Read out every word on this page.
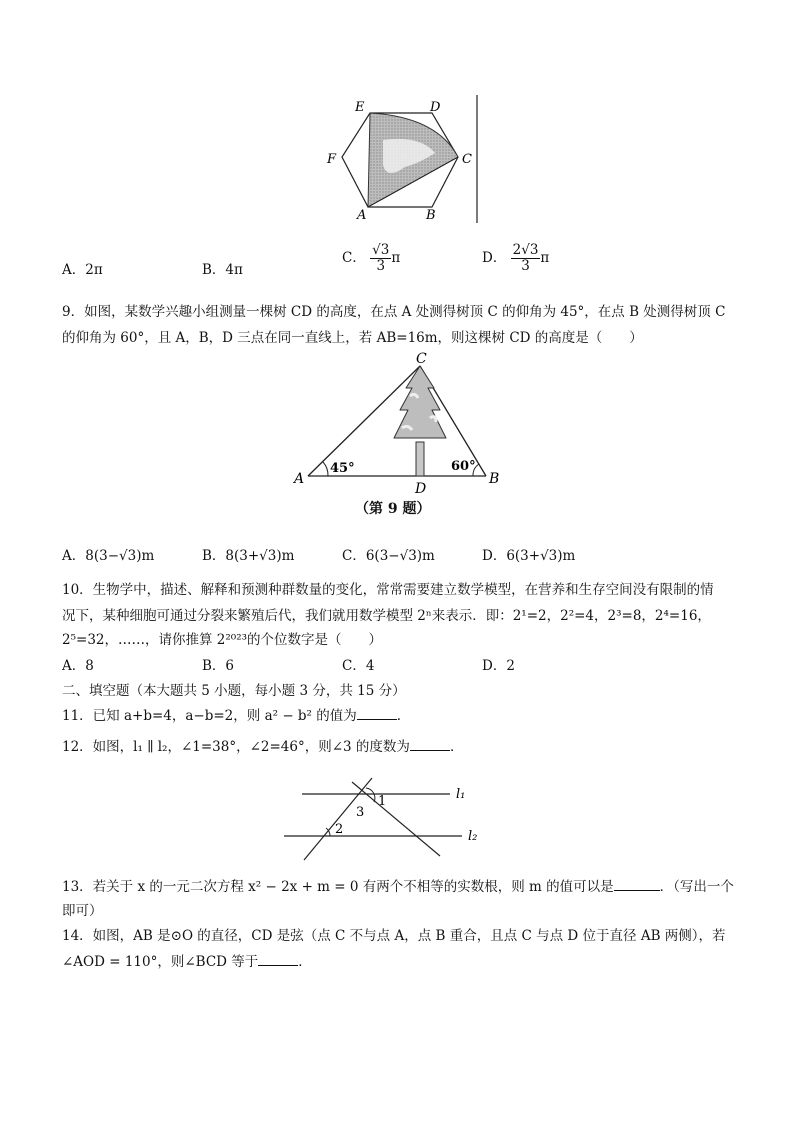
E	D
F	C
A	B
A．2π	B．4π
C． $\frac{√3}{3}$ π	D． $\frac{2√3}{3}$ π
9．如图，某数学兴趣小组测量一棵树 CD 的高度，在点 A 处测得树顶 C 的仰角为 45°，在点 B 处测得树顶 C
的仰角为 60°，且 A，B，D 三点在同一直线上，若 AB=16m，则这棵树 CD 的高度是（　　）
C
A	B
D
45°	60°
（第 9 题）
A．8(3−√3)m	B．8(3+√3)m	C．6(3−√3)m	D．6(3+√3)m
10．生物学中，描述、解释和预测种群数量的变化，常常需要建立数学模型，在营养和生存空间没有限制的情
况下，某种细胞可通过分裂来繁殖后代，我们就用数学模型 2ⁿ来表示．即：2¹=2，2²=4，2³=8，2⁴=16，
2⁵=32，……，请你推算 2²⁰²³的个位数字是（　　）
A．8	B．6	C．4	D．2
二、填空题（本大题共 5 小题，每小题 3 分，共 15 分）
11．已知 a+b=4，a−b=2，则 a² − b² 的值为	．
12．如图，l₁ ∥ l₂，∠1=38°，∠2=46°，则∠3 的度数为	．
l₁
l₂
1
3
2
13．若关于 x 的一元二次方程 x² − 2x + m = 0 有两个不相等的实数根，则 m 的值可以是	．（写出一个
即可）
14．如图，AB 是⊙O 的直径，CD 是弦（点 C 不与点 A，点 B 重合，且点 C 与点 D 位于直径 AB 两侧），若
∠AOD = 110°，则∠BCD 等于	．
